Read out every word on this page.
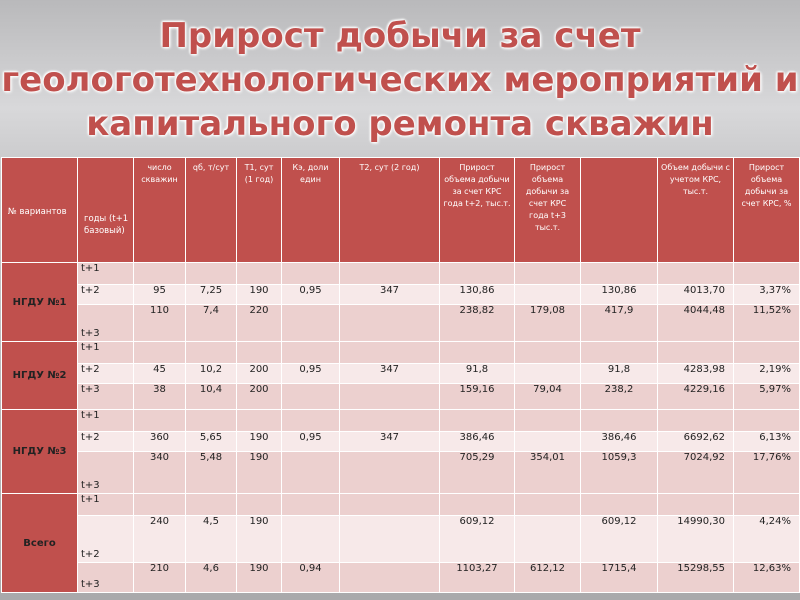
Прирост добычи за счет
геологотехнологических мероприятий и
капитального ремонта скважин
№ вариантов	годы (t+1 базовый)	число скважин	qб, т/сут	Т1, сут (1 год)	Кэ, доли един	Т2, сут (2 год)	Прирост объема добычи за счет КРС года t+2, тыс.т.	Прирост объема добычи за счет КРС года t+3 тыс.т.		Объем добычи с учетом КРС, тыс.т.	Прирост объема добычи за счет КРС, %
НГДУ №1	t+1										
	t+2	95	7,25	190	0,95	347	130,86		130,86	4013,70	3,37%
	t+3	110	7,4	220			238,82	179,08	417,9	4044,48	11,52%
НГДУ №2	t+1										
	t+2	45	10,2	200	0,95	347	91,8		91,8	4283,98	2,19%
	t+3	38	10,4	200			159,16	79,04	238,2	4229,16	5,97%
НГДУ №3	t+1										
	t+2	360	5,65	190	0,95	347	386,46		386,46	6692,62	6,13%
	t+3	340	5,48	190			705,29	354,01	1059,3	7024,92	17,76%
Всего	t+1										
	t+2	240	4,5	190			609,12		609,12	14990,30	4,24%
	t+3	210	4,6	190	0,94		1103,27	612,12	1715,4	15298,55	12,63%
